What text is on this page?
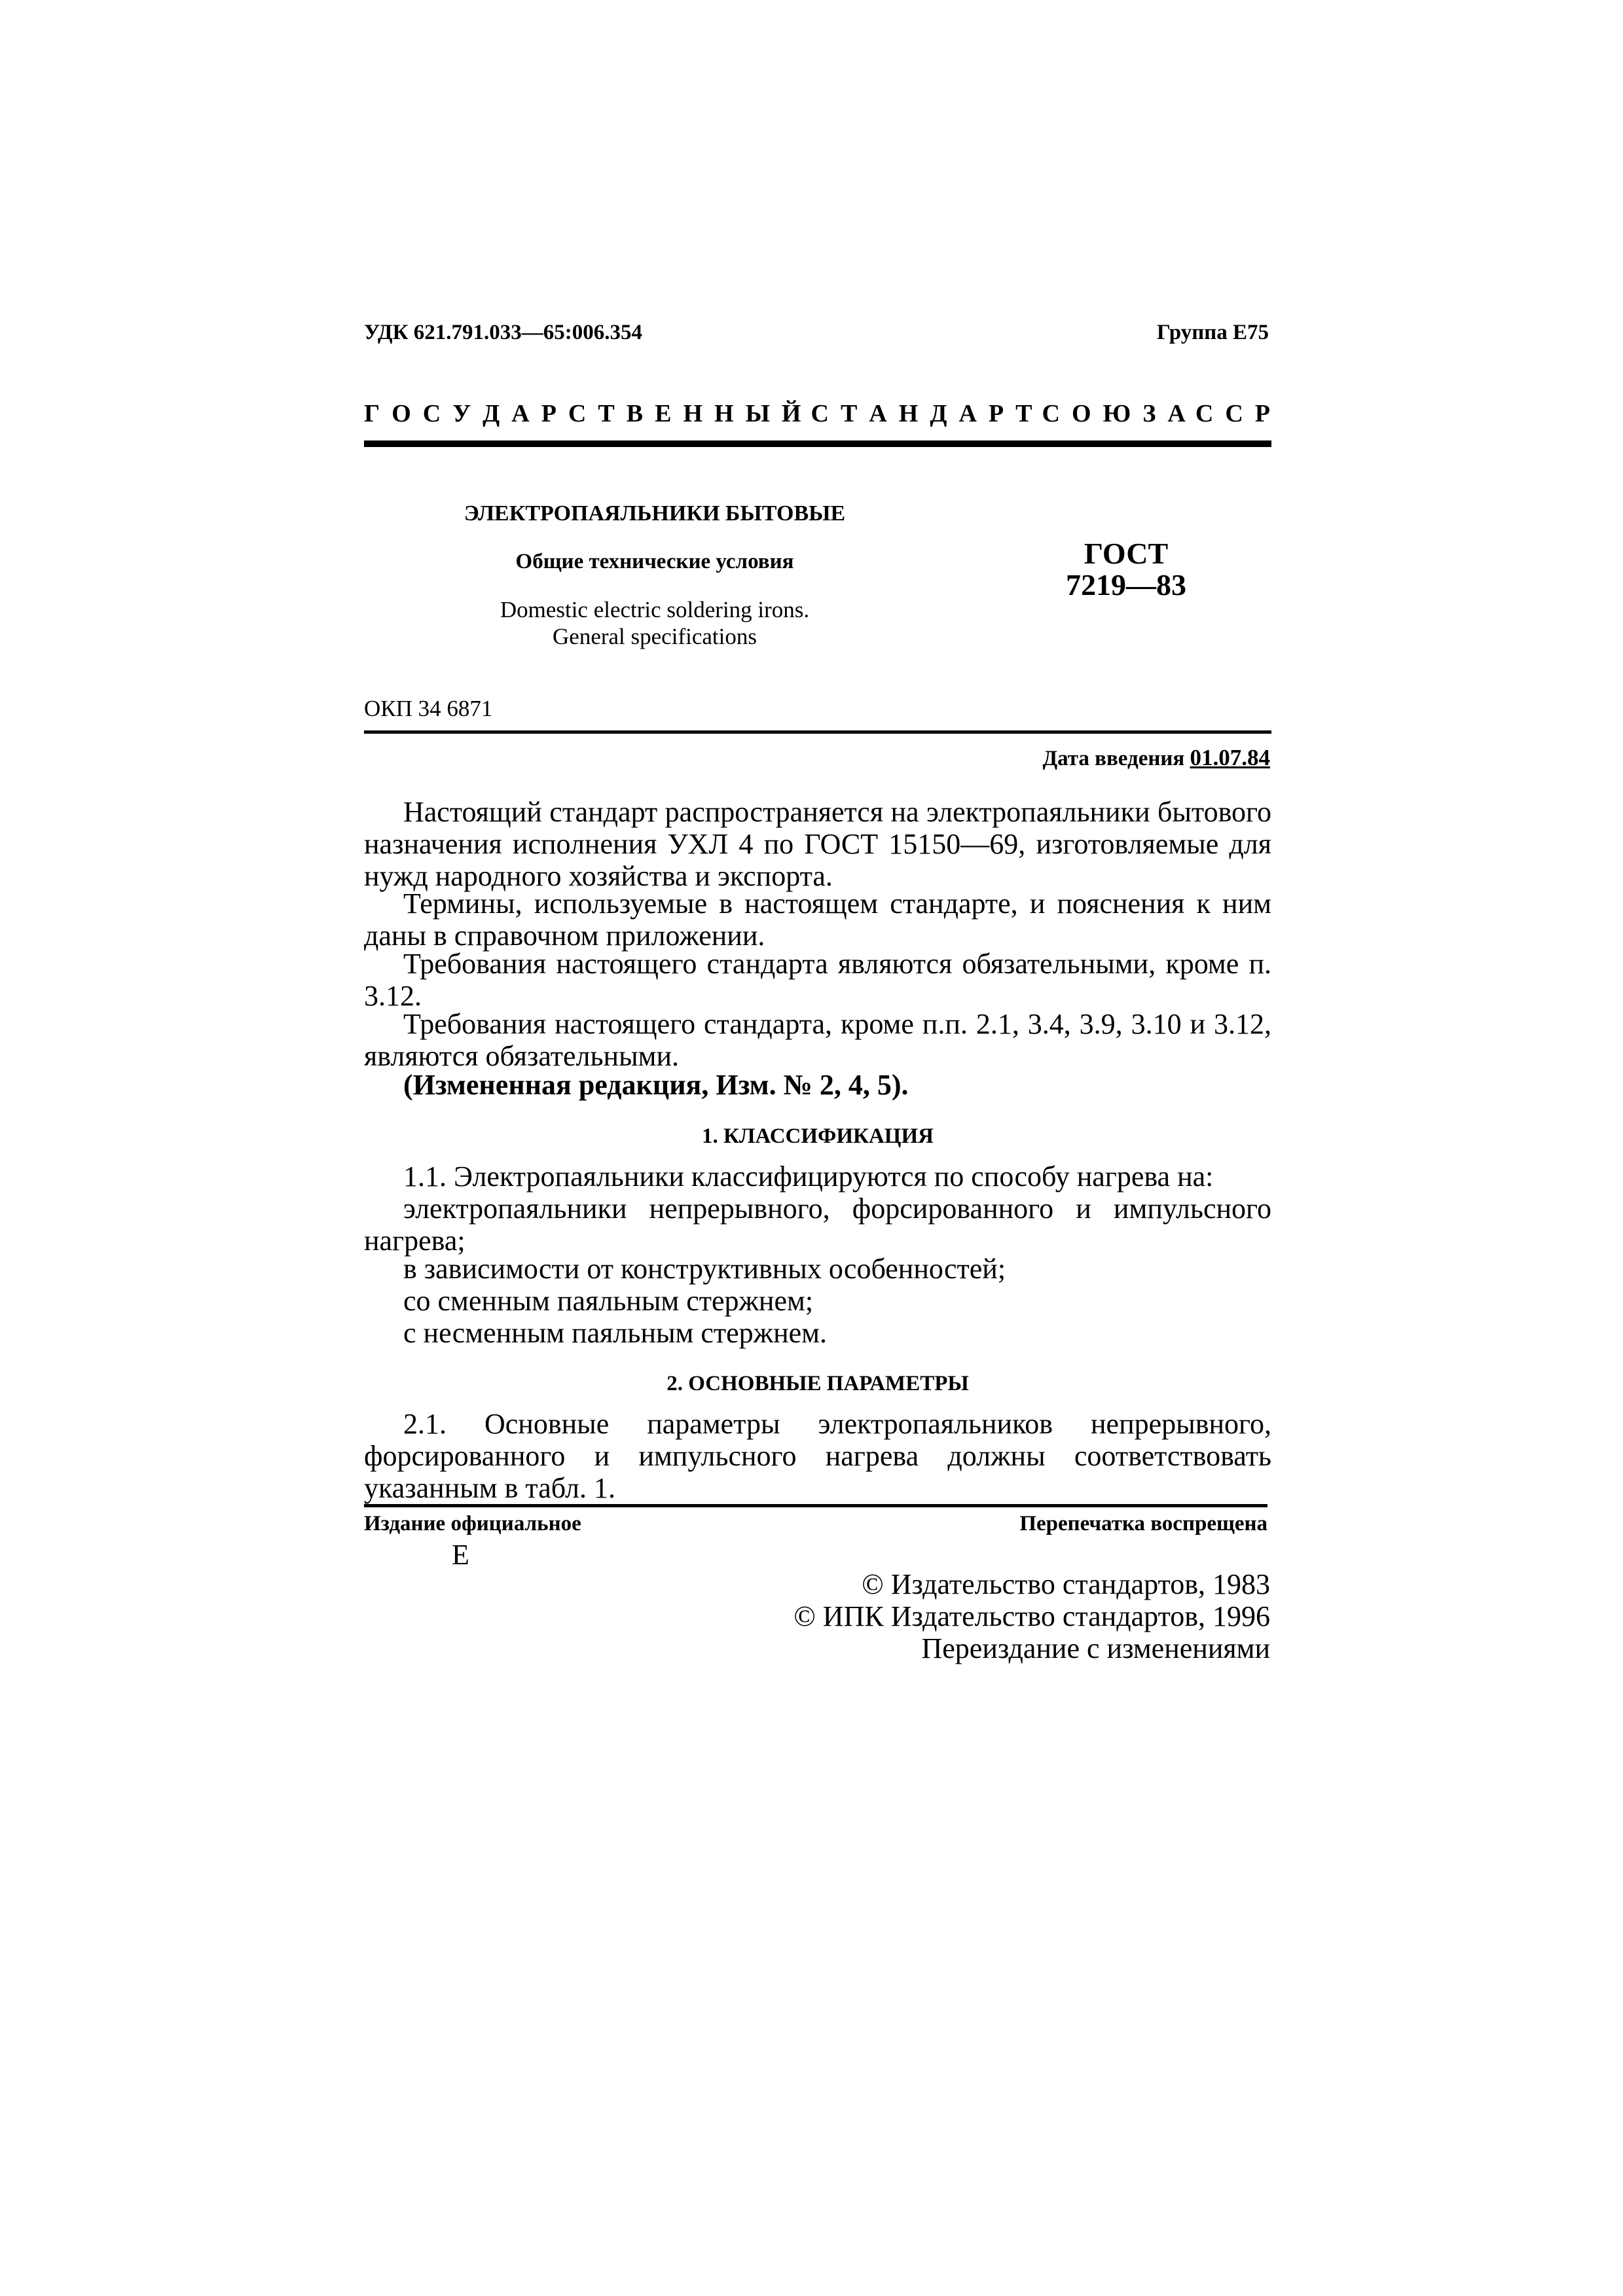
УДК 621.791.033—65:006.354	Группа Е75
Г О С У Д А Р С Т В Е Н Н Ы Й С Т А Н Д А Р Т С О Ю З А С С Р
ЭЛЕКТРОПАЯЛЬНИКИ БЫТОВЫЕ
Общие технические условия
Domestic electric soldering irons.
General specifications
ГОСТ
7219—83
ОКП 34 6871
Дата введения 01.07.84
Настоящий стандарт распространяется на электропаяльники бытового назначения исполнения УХЛ 4 по ГОСТ 15150—69, изготовляемые для нужд народного хозяйства и экспорта.
Термины, используемые в настоящем стандарте, и пояснения к ним даны в справочном приложении.
Требования настоящего стандарта являются обязательными, кроме п. 3.12.
Требования настоящего стандарта, кроме п.п. 2.1, 3.4, 3.9, 3.10 и 3.12, являются обязательными.
(Измененная редакция, Изм. № 2, 4, 5).
1. КЛАССИФИКАЦИЯ
1.1. Электропаяльники классифицируются по способу нагрева на:
электропаяльники непрерывного, форсированного и импульсного нагрева;
в зависимости от конструктивных особенностей;
со сменным паяльным стержнем;
с несменным паяльным стержнем.
2. ОСНОВНЫЕ ПАРАМЕТРЫ
2.1. Основные параметры электропаяльников непрерывного, форсированного и импульсного нагрева должны соответствовать указанным в табл. 1.
Издание официальное	Перепечатка воспрещена
Е
© Издательство стандартов, 1983
© ИПК Издательство стандартов, 1996
Переиздание с изменениями
